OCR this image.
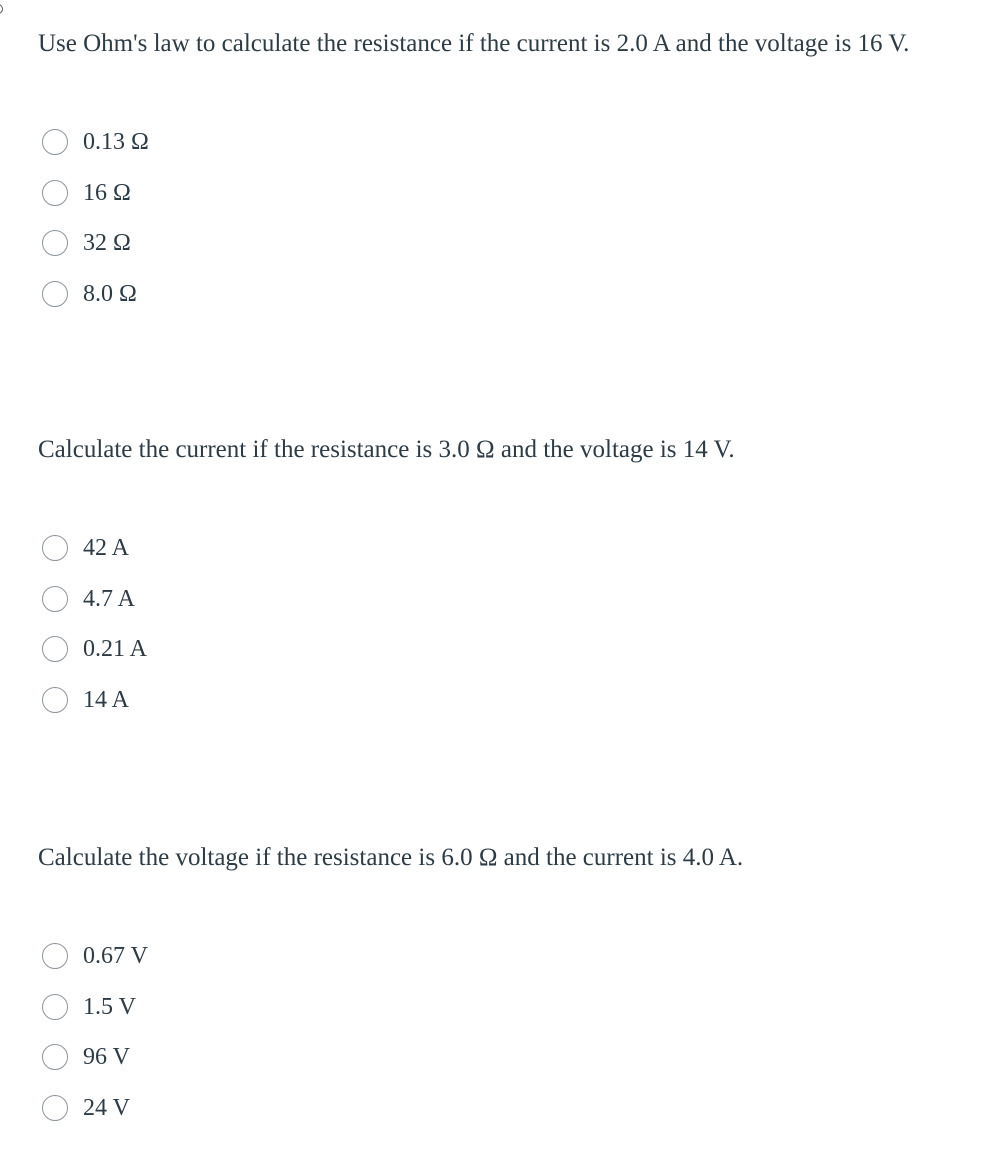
Use Ohm's law to calculate the resistance if the current is 2.0 A and the voltage is 16 V.

0.13 Ω
16 Ω
32 Ω
8.0 Ω

Calculate the current if the resistance is 3.0 Ω and the voltage is 14 V.

42 A
4.7 A
0.21 A
14 A

Calculate the voltage if the resistance is 6.0 Ω and the current is 4.0 A.

0.67 V
1.5 V
96 V
24 V
